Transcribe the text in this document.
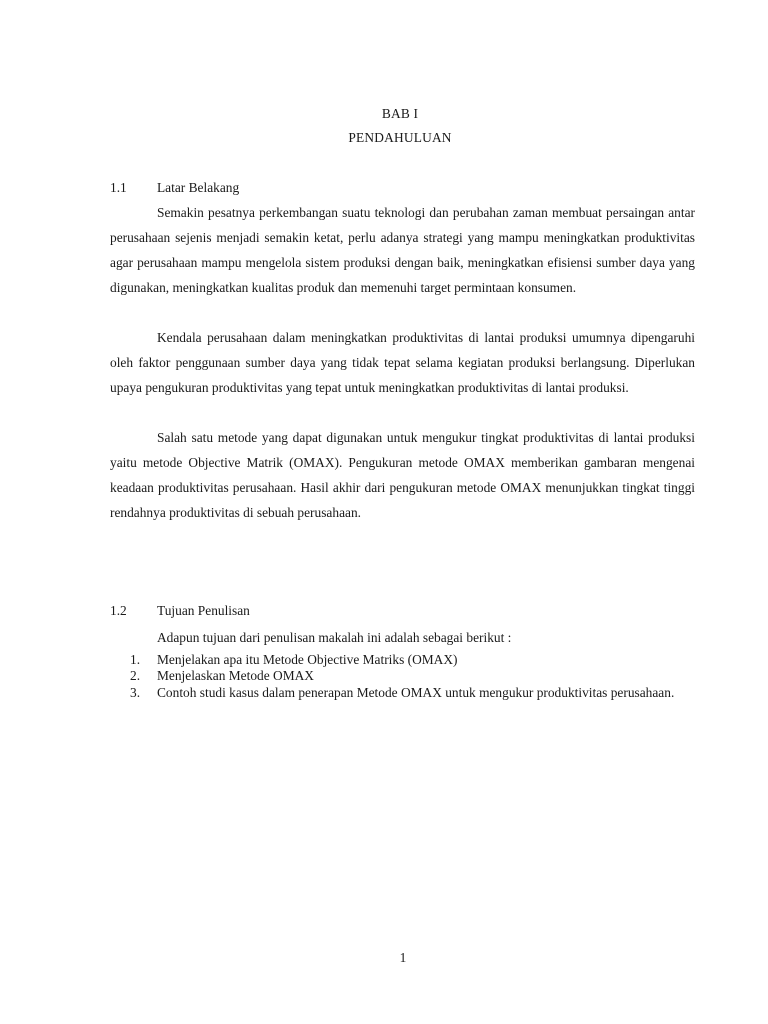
BAB I
PENDAHULUAN
1.1 Latar Belakang

Semakin pesatnya perkembangan suatu teknologi dan perubahan zaman membuat persaingan antar perusahaan sejenis menjadi semakin ketat, perlu adanya strategi yang mampu meningkatkan produktivitas agar perusahaan mampu mengelola sistem produksi dengan baik, meningkatkan efisiensi sumber daya yang digunakan, meningkatkan kualitas produk dan memenuhi target permintaan konsumen.

Kendala perusahaan dalam meningkatkan produktivitas di lantai produksi umumnya dipengaruhi oleh faktor penggunaan sumber daya yang tidak tepat selama kegiatan produksi berlangsung. Diperlukan upaya pengukuran produktivitas yang tepat untuk meningkatkan produktivitas di lantai produksi.

Salah satu metode yang dapat digunakan untuk mengukur tingkat produktivitas di lantai produksi yaitu metode Objective Matrik (OMAX). Pengukuran metode OMAX memberikan gambaran mengenai keadaan produktivitas perusahaan. Hasil akhir dari pengukuran metode OMAX menunjukkan tingkat tinggi rendahnya produktivitas di sebuah perusahaan.

1.2 Tujuan Penulisan
Adapun tujuan dari penulisan makalah ini adalah sebagai berikut :
1. Menjelakan apa itu Metode Objective Matriks (OMAX)
2. Menjelaskan Metode OMAX
3. Contoh studi kasus dalam penerapan Metode OMAX untuk mengukur produktivitas perusahaan.
1
